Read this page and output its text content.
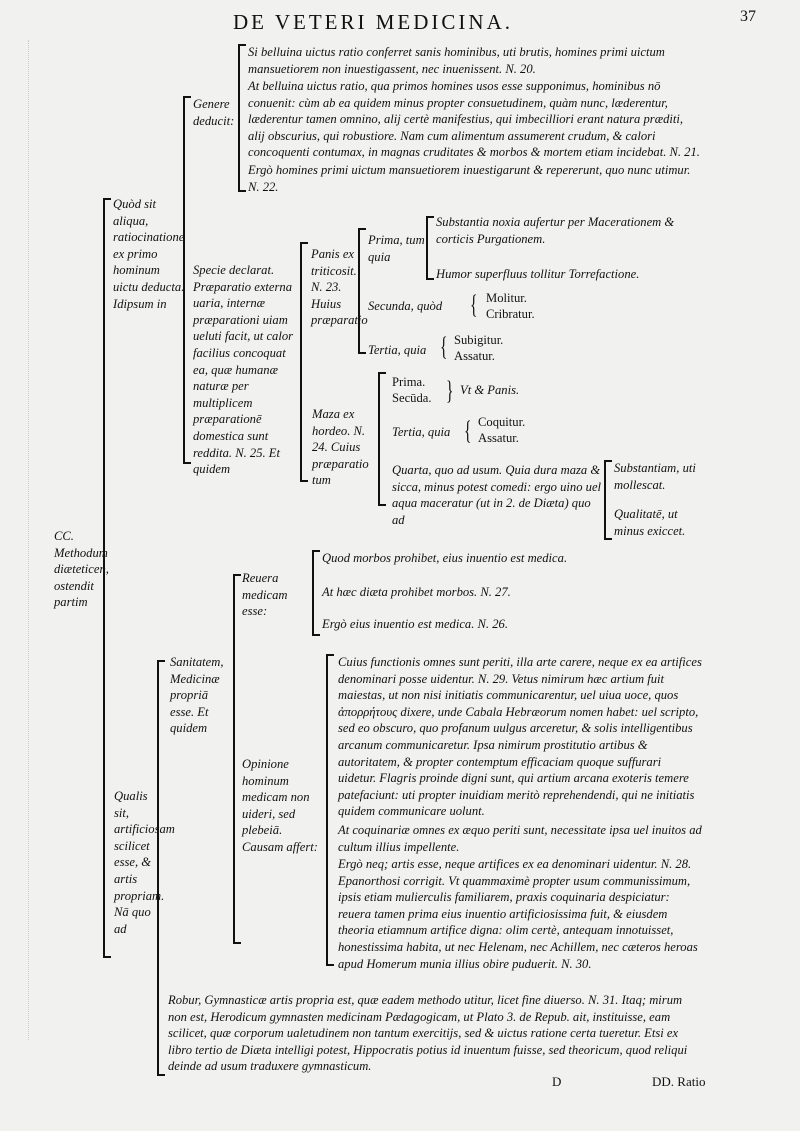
DE VETERI MEDICINA.	37
CC. Methodum diæteticen, ostendit partim
Quòd sit aliqua, ratiocinatione ex primo hominum uictu deducta. Idipsum in
Genere deducit:
Si belluina uictus ratio conferret sanis hominibus, uti brutis, homines primi uictum mansuetiorem non inuestigassent, nec inuenissent. N. 20.
At belluina uictus ratio, qua primos homines usos esse supponimus, hominibus nō conuenit: cùm ab ea quidem minus propter consuetudinem, quàm nunc, læderentur, læderentur tamen omnino, alij certè manifestius, qui imbecilliori erant natura præditi, alij obscurius, qui robustiore. Nam cum alimentum assumerent crudum, & calori concoquenti contumax, in magnas cruditates & morbos & mortem etiam incidebat. N. 21.
Ergò homines primi uictum mansuetiorem inuestigarunt & repererunt, quo nunc utimur. N. 22.
Specie declarat. Præparatio externa uaria, internæ præparationi uiam ueluti facit, ut calor facilius concoquat ea, quæ humanæ naturæ per multiplicem præparationē domestica sunt reddita. N. 25. Et quidem
Panis ex triticosit. N. 23. Huius præparatio
Prima, tum quia
Substantia noxia aufertur per Macerationem & corticis Purgationem.
Humor superfluus tollitur Torrefactione.
Secunda, quòd	{ Molitur.
Cribratur.
Tertia, quia { Subigitur.
Assatur.
Maza ex hordeo. N. 24. Cuius præparatio tum
Prima.
Secūda. } Vt & Panis.
Tertia, quia { Coquitur.
Assatur.
Quarta, quo ad usum. Quia dura maza & sicca, minus potest comedi: ergo uino uel aqua maceratur (ut in 2. de Diæta) quo ad
Substantiam, uti mollescat.
Qualitatē, ut minus exiccet.
Qualis sit, artificiosam scilicet esse, & artis propriam. Nā quo ad
Sanitatem, Medicinæ propriā esse. Et quidem
Reuera medicam esse:
Quod morbos prohibet, eius inuentio est medica.
At hæc diæta prohibet morbos. N. 27.
Ergò eius inuentio est medica. N. 26.
Opinione hominum medicam non uideri, sed plebeiā. Causam affert:
Cuius functionis omnes sunt periti, illa arte carere, neque ex ea artifices denominari posse uidentur. N. 29. Vetus nimirum hæc artium fuit maiestas, ut non nisi initiatis communicarentur, uel uiua uoce, quos ἀπορρήτους dixere, unde Cabala Hebræorum nomen habet: uel scripto, sed eo obscuro, quo profanum uulgus arceretur, & solis intelligentibus arcanum communicaretur. Ipsa nimirum prostitutio artibus & autoritatem, & propter contemptum efficaciam quoque suffurari uidetur. Flagris proinde digni sunt, qui artium arcana exoteris temere patefaciunt: uti propter inuidiam meritò reprehendendi, qui ne initiatis quidem communicare uolunt.
At coquinariæ omnes ex æquo periti sunt, necessitate ipsa uel inuitos ad cultum illius impellente.
Ergò neq; artis esse, neque artifices ex ea denominari uidentur. N. 28. Epanorthosi corrigit. Vt quammaximè propter usum communissimum, ipsis etiam mulierculis familiarem, praxis coquinaria despiciatur: reuera tamen prima eius inuentio artificiosissima fuit, & eiusdem theoria etiamnum artifice digna: olim certè, antequam innotuisset, honestissima habita, ut nec Helenam, nec Achillem, nec cæteros heroas apud Homerum munia illius obire puduerit. N. 30.
Robur, Gymnasticæ artis propria est, quæ eadem methodo utitur, licet fine diuerso. N. 31. Itaq; mirum non est, Herodicum gymnasten medicinam Pædagogicam, ut Plato 3. de Repub. ait, instituisse, eam scilicet, quæ corporum ualetudinem non tantum exercitijs, sed & uictus ratione certa tueretur. Etsi ex libro tertio de Diæta intelligi potest, Hippocratis potius id inuentum fuisse, sed theoricum, quod reliqui deinde ad usum traduxere gymnasticum.
D	DD. Ratio
